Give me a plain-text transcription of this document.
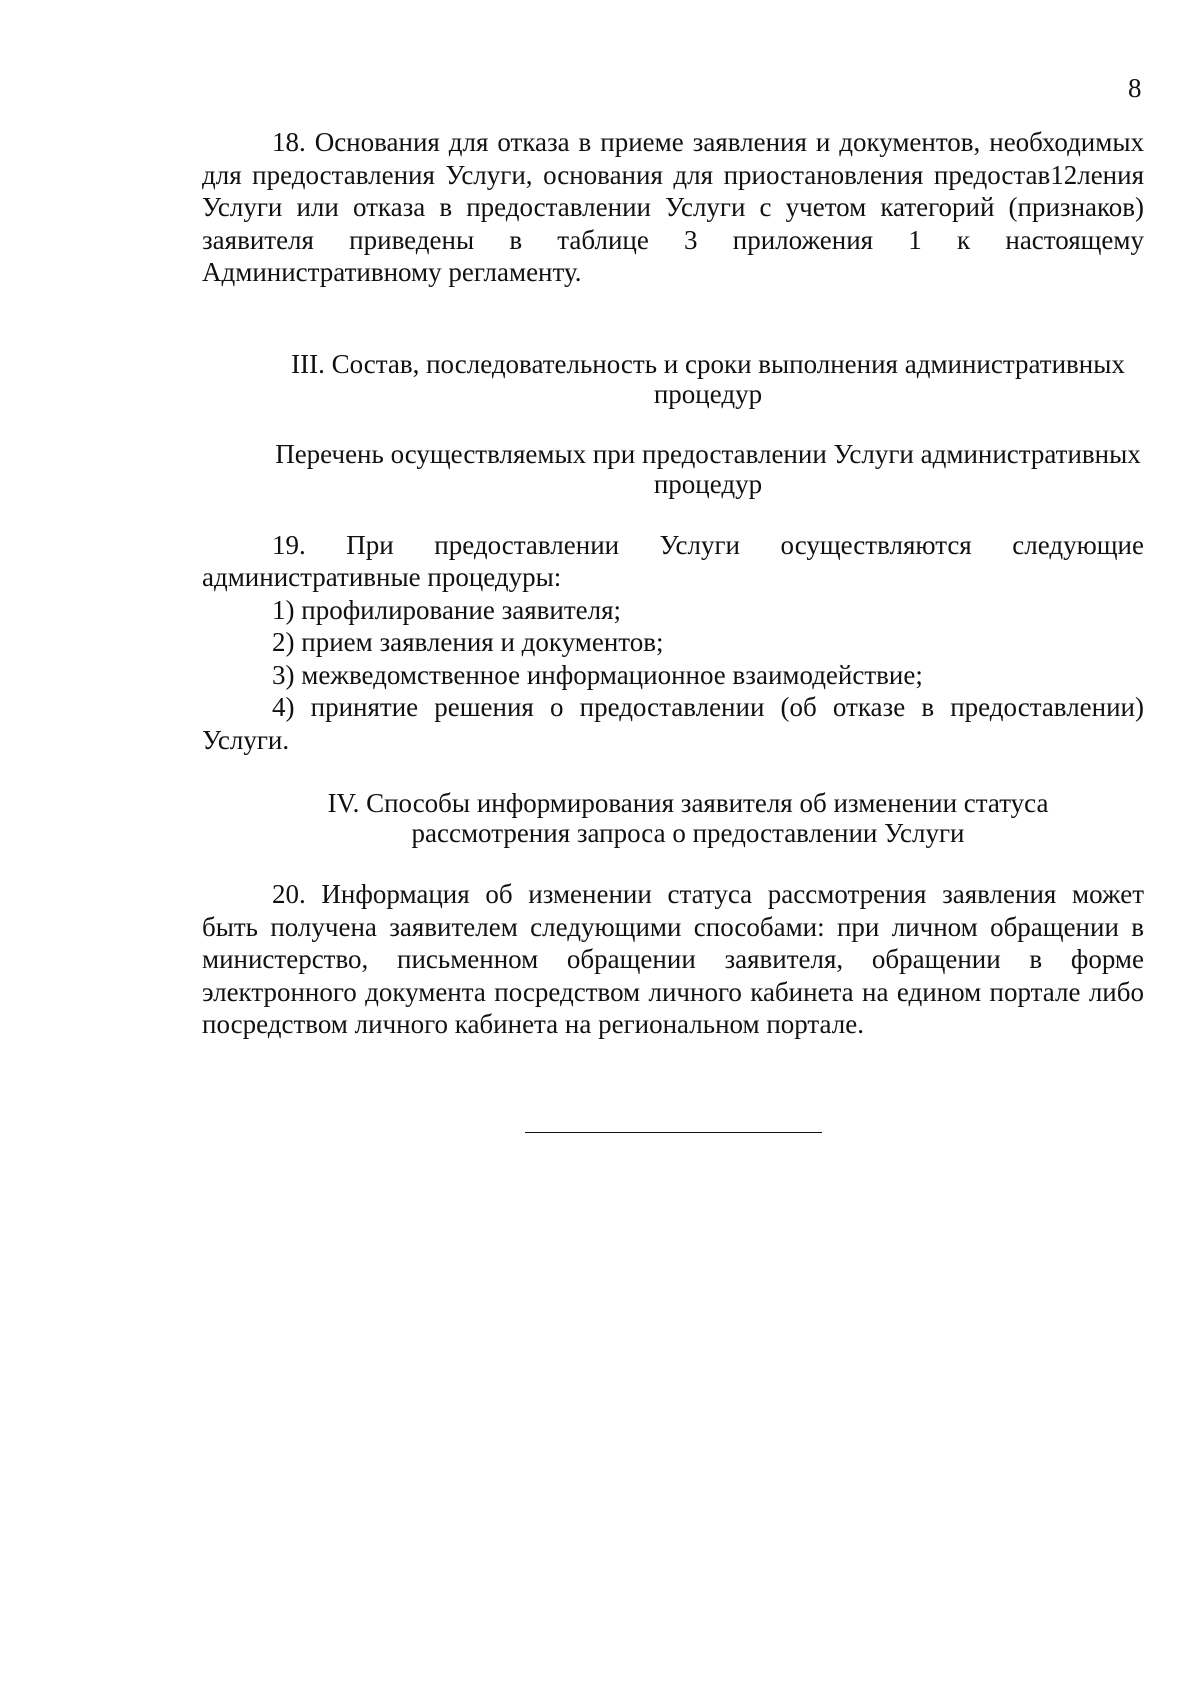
8

18. Основания для отказа в приеме заявления и документов, необходимых для предоставления Услуги, основания для приостановления предостав12ления Услуги или отказа в предоставлении Услуги с учетом категорий (признаков) заявителя приведены в таблице 3 приложения 1 к настоящему Административному регламенту.

III. Состав, последовательность и сроки выполнения административных процедур

Перечень осуществляемых при предоставлении Услуги административных процедур

19. При предоставлении Услуги осуществляются следующие административные процедуры:

1) профилирование заявителя;

2) прием заявления и документов;

3) межведомственное информационное взаимодействие;

4) принятие решения о предоставлении (об отказе в предоставлении) Услуги.

IV. Способы информирования заявителя об изменении статуса рассмотрения запроса о предоставлении Услуги

20. Информация об изменении статуса рассмотрения заявления может быть получена заявителем следующими способами: при личном обращении в министерство, письменном обращении заявителя, обращении в форме электронного документа посредством личного кабинета на едином портале либо посредством личного кабинета на региональном портале.
